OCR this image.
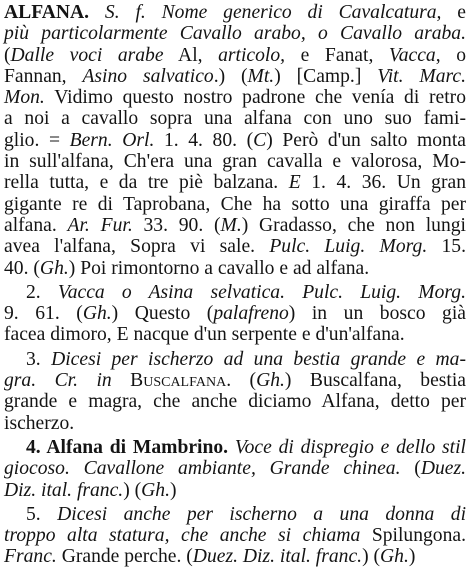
ALFANA. S. f. Nome generico di Cavalcatura, e
più particolarmente Cavallo arabo, o Cavallo araba.
(Dalle voci arabe Al, articolo, e Fanat, Vacca, o
Fannan, Asino salvatico.) (Mt.) [Camp.] Vit. Marc.
Mon. Vidimo questo nostro padrone che venía di retro
a noi a cavallo sopra una alfana con uno suo fami-
glio. = Bern. Orl. 1. 4. 80. (C) Però d'un salto monta
in sull'alfana, Ch'era una gran cavalla e valorosa, Mo-
rella tutta, e da tre piè balzana. E 1. 4. 36. Un gran
gigante re di Taprobana, Che ha sotto una giraffa per
alfana. Ar. Fur. 33. 90. (M.) Gradasso, che non lungi
avea l'alfana, Sopra vi sale. Pulc. Luig. Morg. 15.
40. (Gh.) Poi rimontorno a cavallo e ad alfana.
2. Vacca o Asina selvatica. Pulc. Luig. Morg.
9. 61. (Gh.) Questo (palafreno) in un bosco già
facea dimoro, E nacque d'un serpente e d'un'alfana.
3. Dicesi per ischerzo ad una bestia grande e ma-
gra. Cr. in Buscalfana. (Gh.) Buscalfana, bestia
grande e magra, che anche diciamo Alfana, detto per
ischerzo.
4. Alfana di Mambrino. Voce di dispregio e dello stil
giocoso. Cavallone ambiante, Grande chinea. (Duez.
Diz. ital. franc.) (Gh.)
5. Dicesi anche per ischerno a una donna di
troppo alta statura, che anche si chiama Spilungona.
Franc. Grande perche. (Duez. Diz. ital. franc.) (Gh.)
